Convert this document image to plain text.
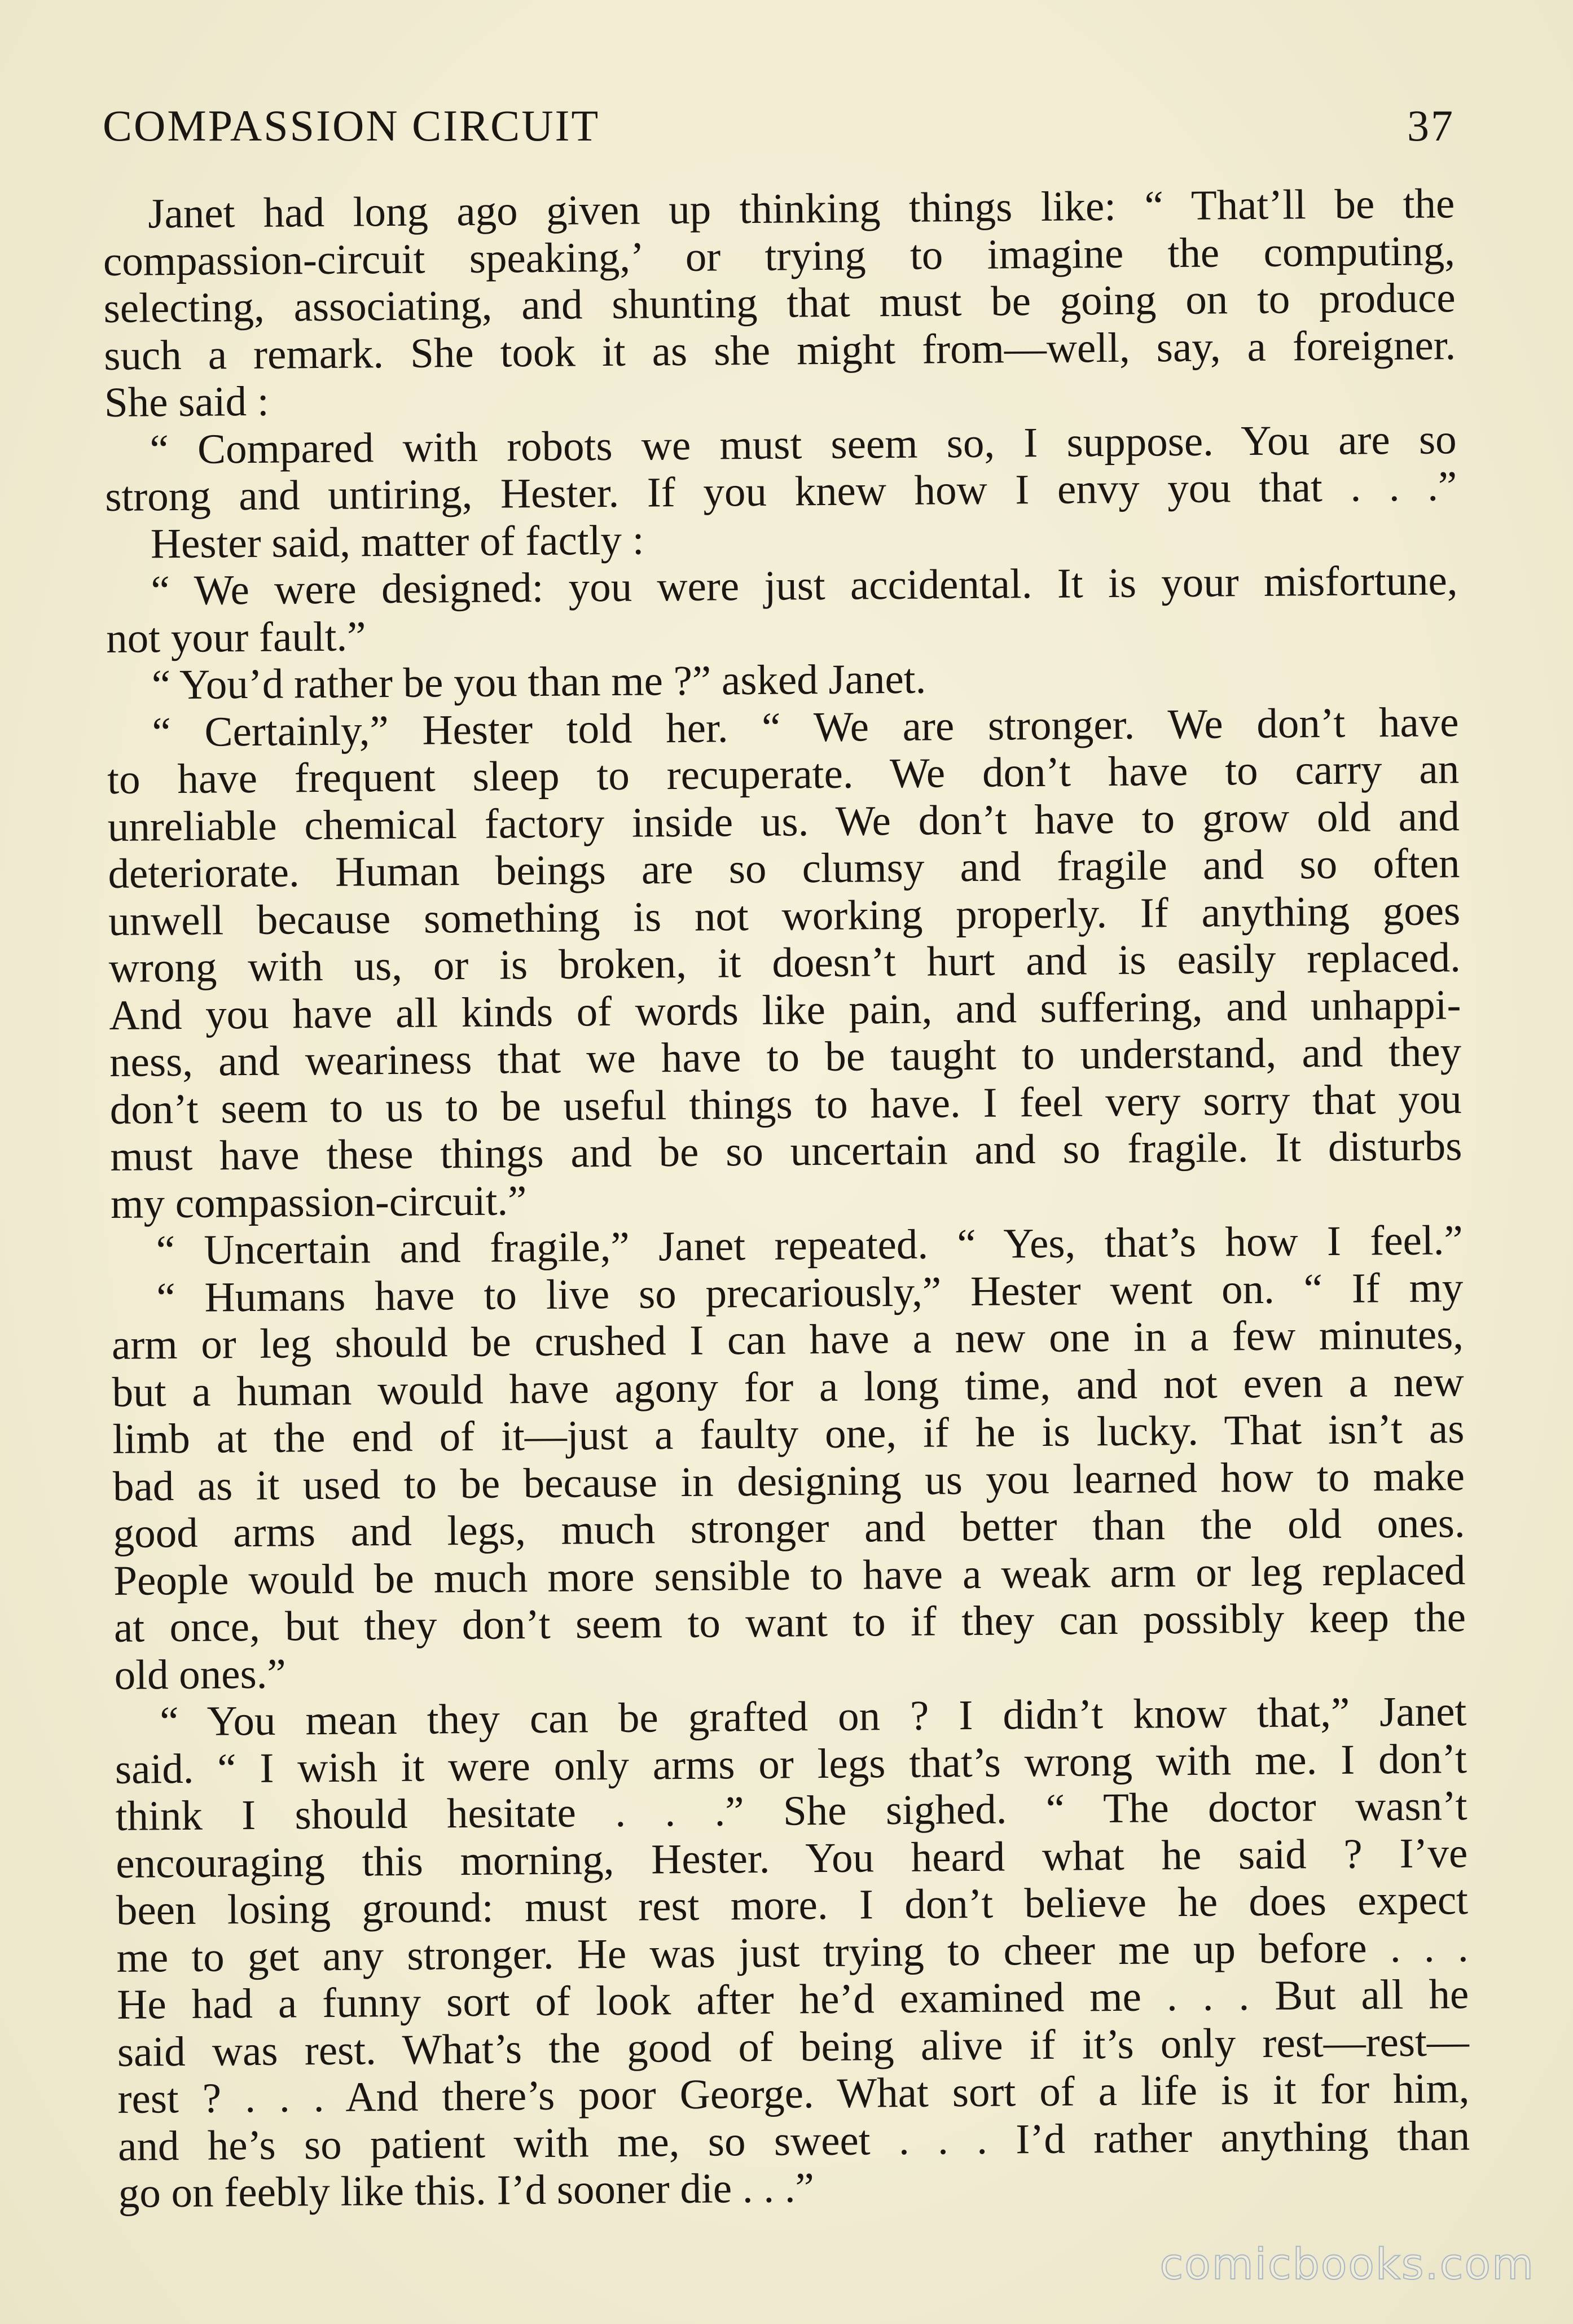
COMPASSION CIRCUIT	37
Janet had long ago given up thinking things like: “ That’ll be the
compassion-circuit speaking,’ or trying to imagine the computing,
selecting, associating, and shunting that must be going on to produce
such a remark. She took it as she might from—well, say, a foreigner.
She said :
“ Compared with robots we must seem so, I suppose. You are so
strong and untiring, Hester. If you knew how I envy you that . . .”
Hester said, matter of factly :
“ We were designed: you were just accidental. It is your misfortune,
not your fault.”
“ You’d rather be you than me ?” asked Janet.
“ Certainly,” Hester told her. “ We are stronger. We don’t have
to have frequent sleep to recuperate. We don’t have to carry an
unreliable chemical factory inside us. We don’t have to grow old and
deteriorate. Human beings are so clumsy and fragile and so often
unwell because something is not working properly. If anything goes
wrong with us, or is broken, it doesn’t hurt and is easily replaced.
And you have all kinds of words like pain, and suffering, and unhappi-
ness, and weariness that we have to be taught to understand, and they
don’t seem to us to be useful things to have. I feel very sorry that you
must have these things and be so uncertain and so fragile. It disturbs
my compassion-circuit.”
“ Uncertain and fragile,” Janet repeated. “ Yes, that’s how I feel.”
“ Humans have to live so precariously,” Hester went on. “ If my
arm or leg should be crushed I can have a new one in a few minutes,
but a human would have agony for a long time, and not even a new
limb at the end of it—just a faulty one, if he is lucky. That isn’t as
bad as it used to be because in designing us you learned how to make
good arms and legs, much stronger and better than the old ones.
People would be much more sensible to have a weak arm or leg replaced
at once, but they don’t seem to want to if they can possibly keep the
old ones.”
“ You mean they can be grafted on ? I didn’t know that,” Janet
said. “ I wish it were only arms or legs that’s wrong with me. I don’t
think I should hesitate . . .” She sighed. “ The doctor wasn’t
encouraging this morning, Hester. You heard what he said ? I’ve
been losing ground: must rest more. I don’t believe he does expect
me to get any stronger. He was just trying to cheer me up before . . .
He had a funny sort of look after he’d examined me . . . But all he
said was rest. What’s the good of being alive if it’s only rest—rest—
rest ? . . . And there’s poor George. What sort of a life is it for him,
and he’s so patient with me, so sweet . . . I’d rather anything than
go on feebly like this. I’d sooner die . . .”
comicbooks.com
